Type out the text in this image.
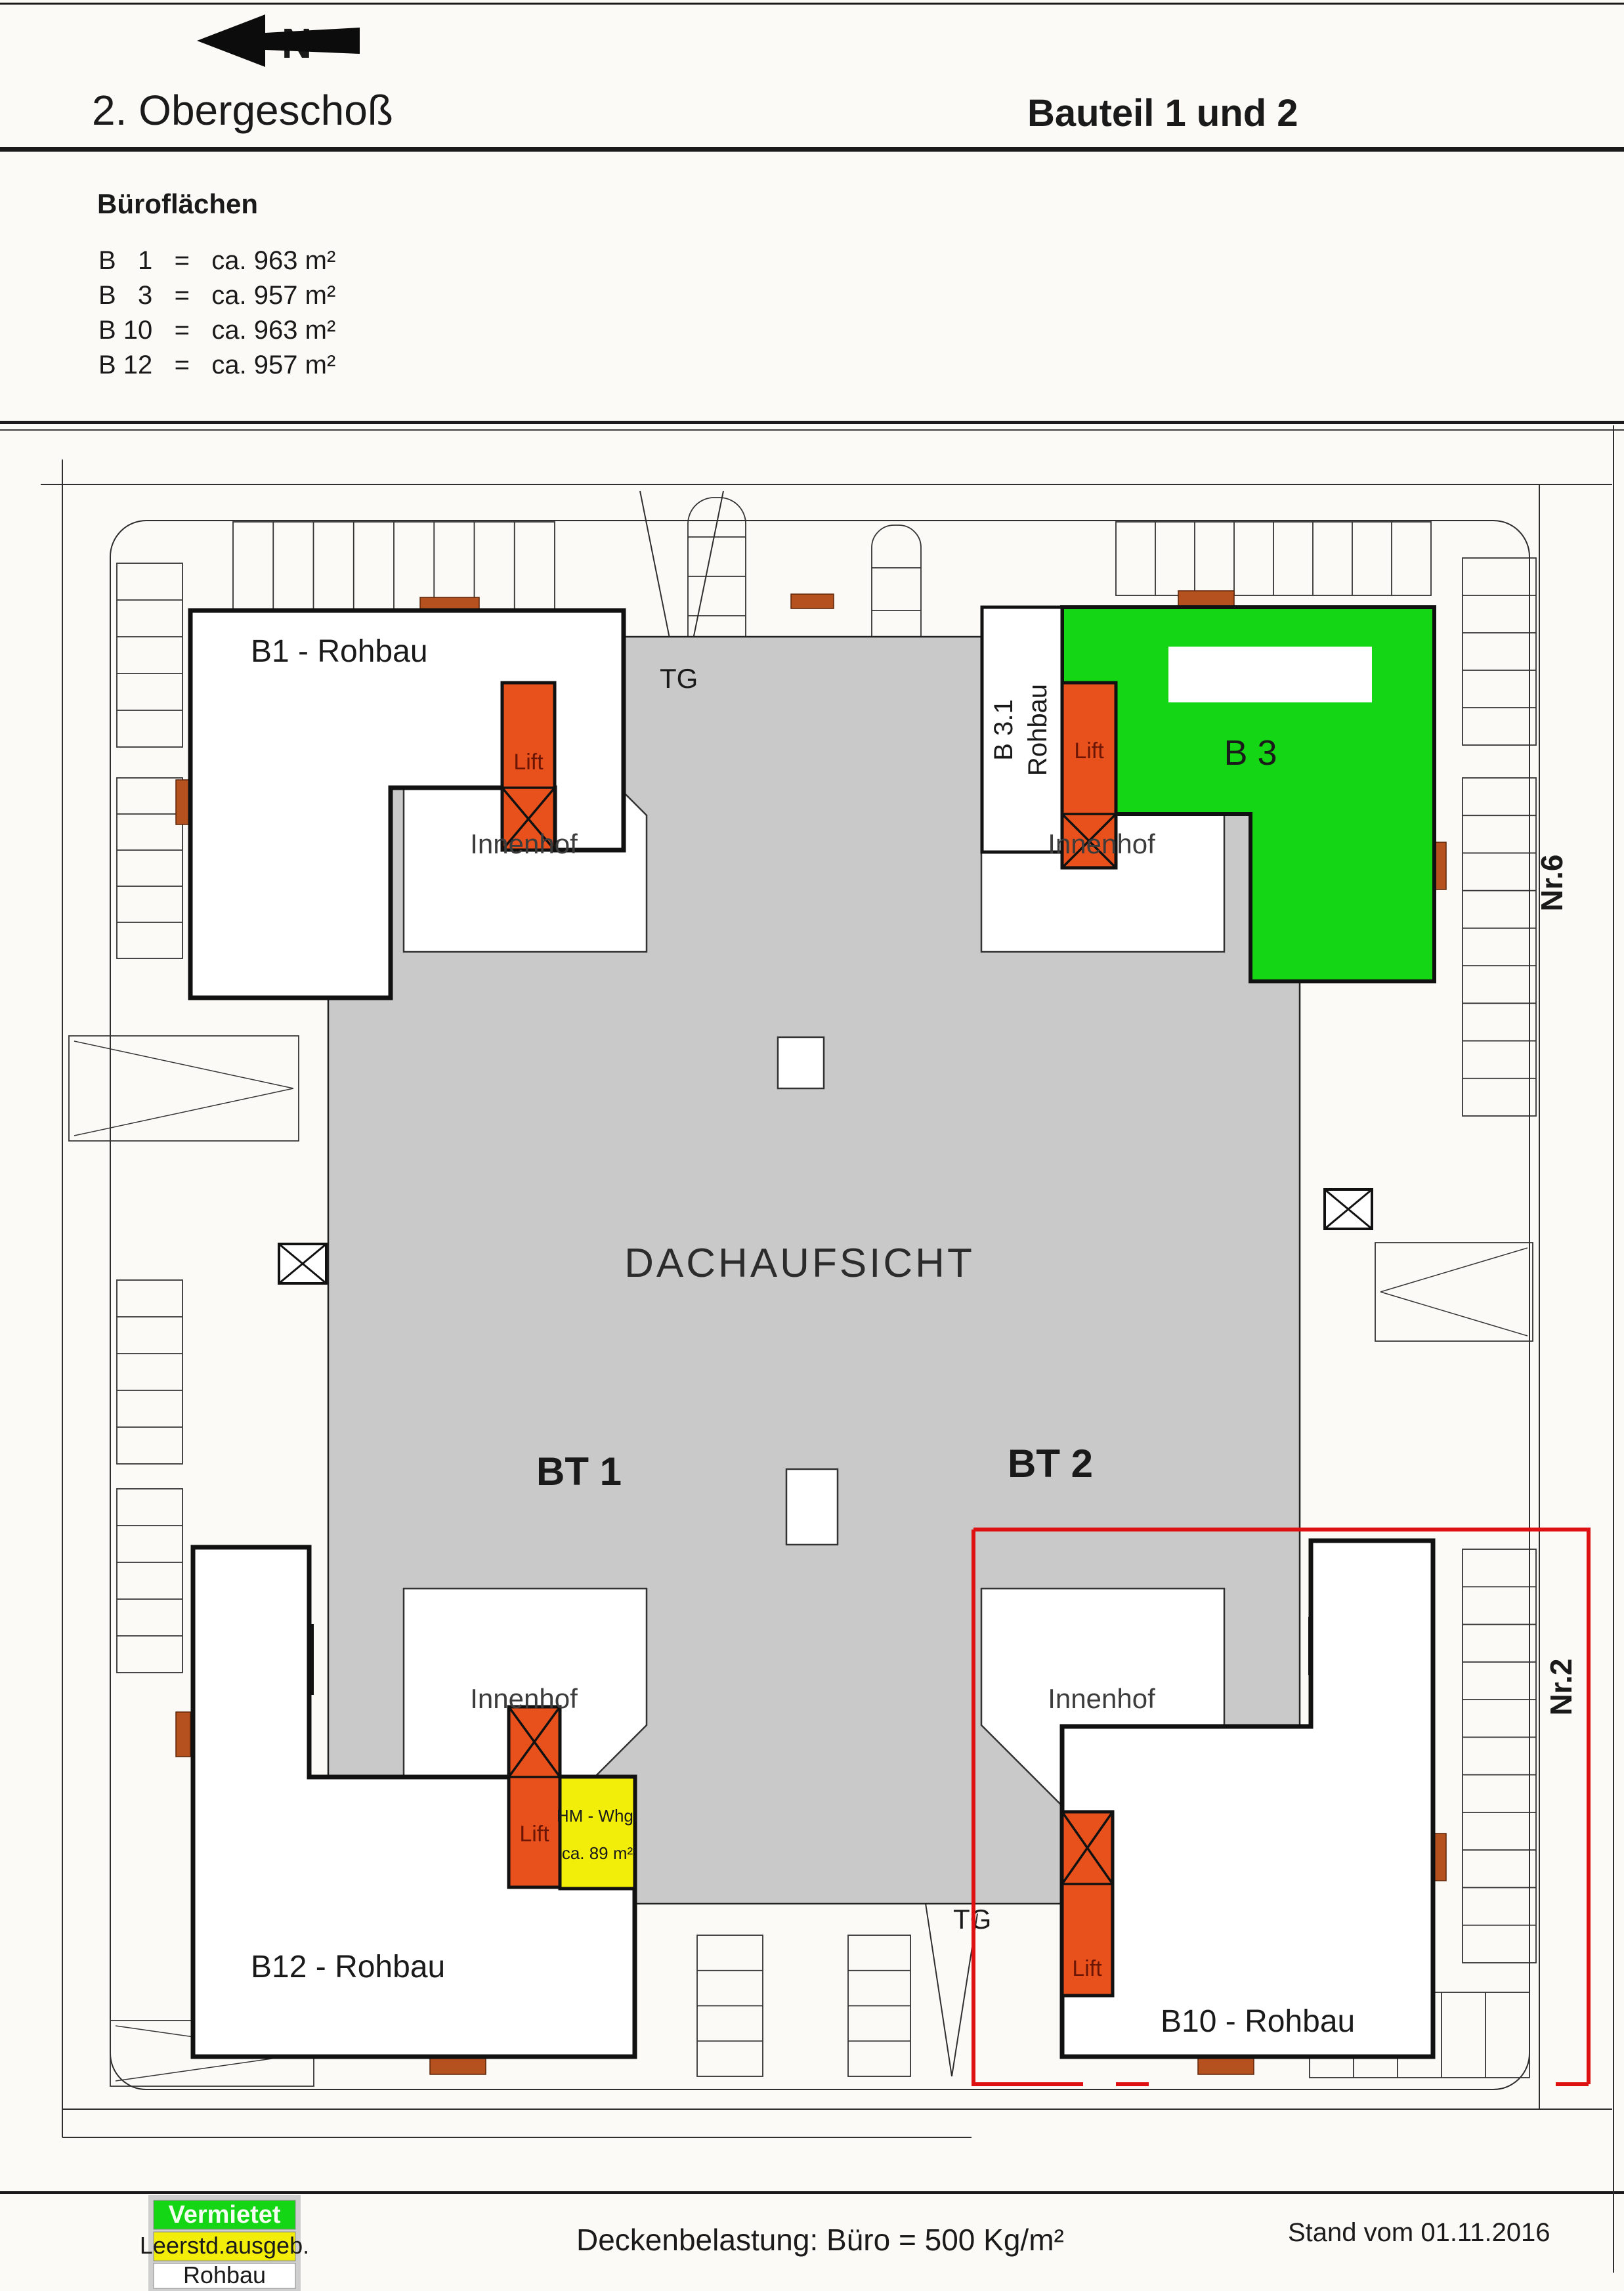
2. Obergeschoß	Bauteil 1 und 2
Büroflächen
B   1   =   ca. 963 m²
B   3   =   ca. 957 m²
B 10   =   ca. 963 m²
B 12   =   ca. 957 m²
Lift	Lift
Lift
Lift
B1 - Rohbau
B 3
B 3.1 Rohbau
B12 - Rohbau
B10 - Rohbau
DACHAUFSICHT
BT 1	BT 2
Innenhof	Innenhof
Innenhof	Innenhof
TG
TG
Nr.6
Nr.2
HM - Whg.
ca. 89 m²
Vermietet
Leerstd.ausgeb.
Rohbau
Deckenbelastung: Büro = 500 Kg/m²	Stand vom 01.11.2016
